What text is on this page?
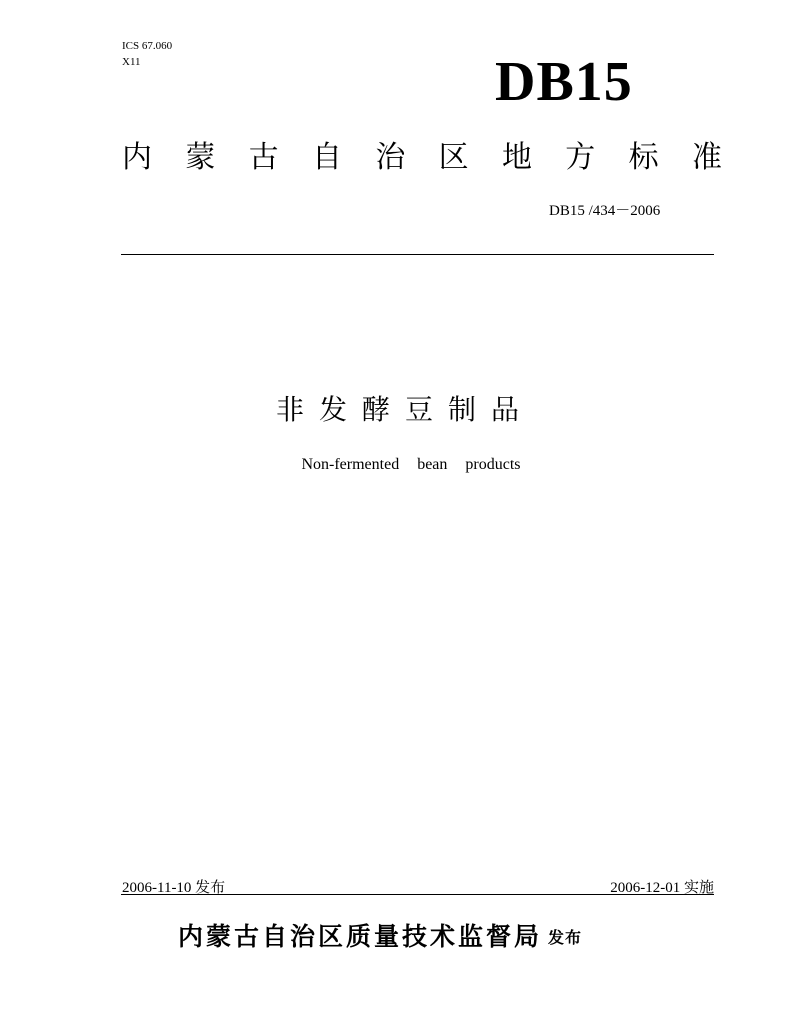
ICS 67.060
X11	DB15
内 蒙 古 自 治 区 地 方 标 准
DB15 /434－2006
非发酵豆制品
Non-fermented bean products
2006-11-10 发布	2006-12-01 实施
内蒙古自治区质量技术监督局 发布
